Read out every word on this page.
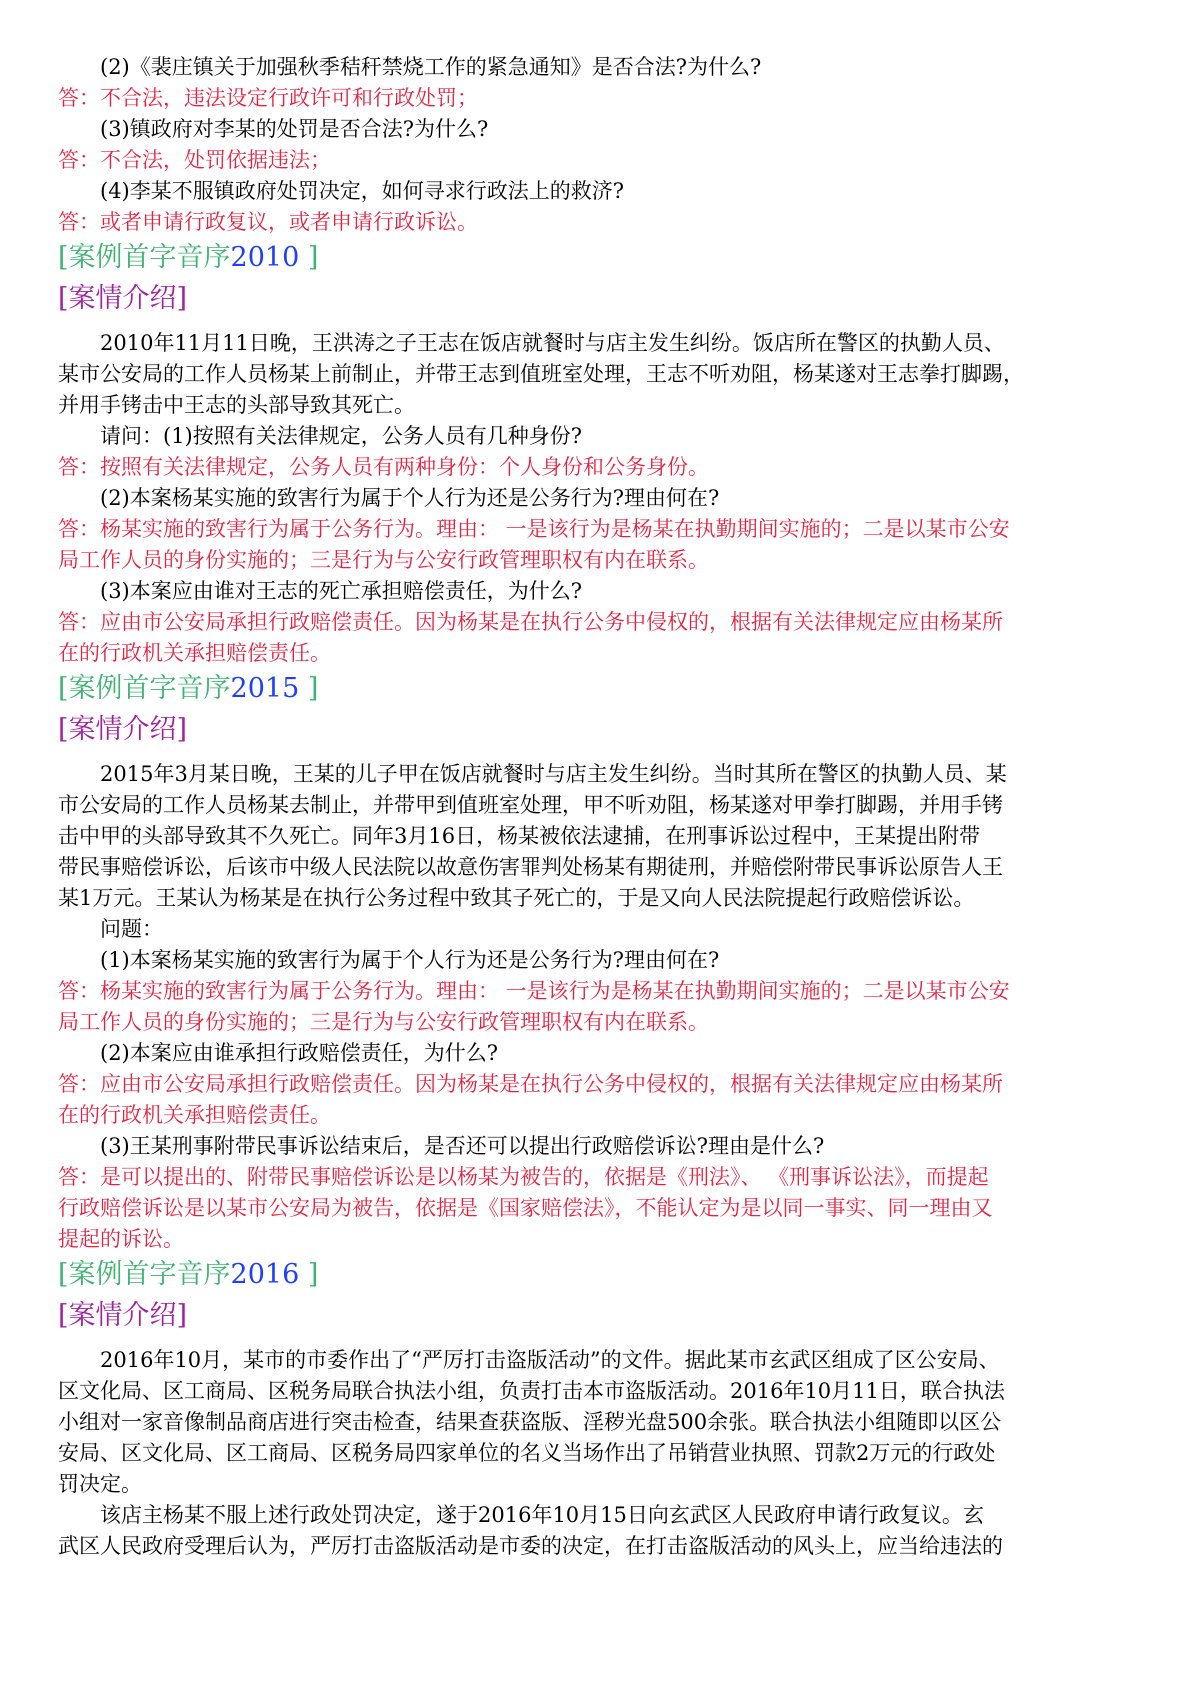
(2)《裴庄镇关于加强秋季秸秆禁烧工作的紧急通知》是否合法?为什么?
答：不合法，违法设定行政许可和行政处罚；
(3)镇政府对李某的处罚是否合法?为什么?
答：不合法，处罚依据违法；
(4)李某不服镇政府处罚决定，如何寻求行政法上的救济?
答：或者申请行政复议，或者申请行政诉讼。
[案例首字音序2010 ]
[案情介绍]
2010年11月11日晚，王洪涛之子王志在饭店就餐时与店主发生纠纷。饭店所在警区的执勤人员、
某市公安局的工作人员杨某上前制止，并带王志到值班室处理，王志不听劝阻，杨某遂对王志拳打脚踢，
并用手铐击中王志的头部导致其死亡。
请问：(1)按照有关法律规定，公务人员有几种身份?
答：按照有关法律规定，公务人员有两种身份：个人身份和公务身份。
(2)本案杨某实施的致害行为属于个人行为还是公务行为?理由何在?
答：杨某实施的致害行为属于公务行为。理由： 一是该行为是杨某在执勤期间实施的；二是以某市公安
局工作人员的身份实施的；三是行为与公安行政管理职权有内在联系。
(3)本案应由谁对王志的死亡承担赔偿责任，为什么?
答：应由市公安局承担行政赔偿责任。因为杨某是在执行公务中侵权的，根据有关法律规定应由杨某所
在的行政机关承担赔偿责任。
[案例首字音序2015 ]
[案情介绍]
2015年3月某日晚，王某的儿子甲在饭店就餐时与店主发生纠纷。当时其所在警区的执勤人员、某
市公安局的工作人员杨某去制止，并带甲到值班室处理，甲不听劝阻，杨某遂对甲拳打脚踢，并用手铐
击中甲的头部导致其不久死亡。同年3月16日，杨某被依法逮捕，在刑事诉讼过程中，王某提出附带
带民事赔偿诉讼，后该市中级人民法院以故意伤害罪判处杨某有期徒刑，并赔偿附带民事诉讼原告人王
某1万元。王某认为杨某是在执行公务过程中致其子死亡的，于是又向人民法院提起行政赔偿诉讼。
问题：
(1)本案杨某实施的致害行为属于个人行为还是公务行为?理由何在?
答：杨某实施的致害行为属于公务行为。理由： 一是该行为是杨某在执勤期间实施的；二是以某市公安
局工作人员的身份实施的；三是行为与公安行政管理职权有内在联系。
(2)本案应由谁承担行政赔偿责任，为什么?
答：应由市公安局承担行政赔偿责任。因为杨某是在执行公务中侵权的，根据有关法律规定应由杨某所
在的行政机关承担赔偿责任。
(3)王某刑事附带民事诉讼结束后，是否还可以提出行政赔偿诉讼?理由是什么?
答：是可以提出的、附带民事赔偿诉讼是以杨某为被告的，依据是《刑法》、 《刑事诉讼法》，而提起
行政赔偿诉讼是以某市公安局为被告，依据是《国家赔偿法》，不能认定为是以同一事实、同一理由又
提起的诉讼。
[案例首字音序2016 ]
[案情介绍]
2016年10月，某市的市委作出了“严厉打击盗版活动”的文件。据此某市玄武区组成了区公安局、
区文化局、区工商局、区税务局联合执法小组，负责打击本市盗版活动。2016年10月11日，联合执法
小组对一家音像制品商店进行突击检查，结果查获盗版、淫秽光盘500余张。联合执法小组随即以区公
安局、区文化局、区工商局、区税务局四家单位的名义当场作出了吊销营业执照、罚款2万元的行政处
罚决定。
该店主杨某不服上述行政处罚决定，遂于2016年10月15日向玄武区人民政府申请行政复议。玄
武区人民政府受理后认为，严厉打击盗版活动是市委的决定，在打击盗版活动的风头上，应当给违法的
